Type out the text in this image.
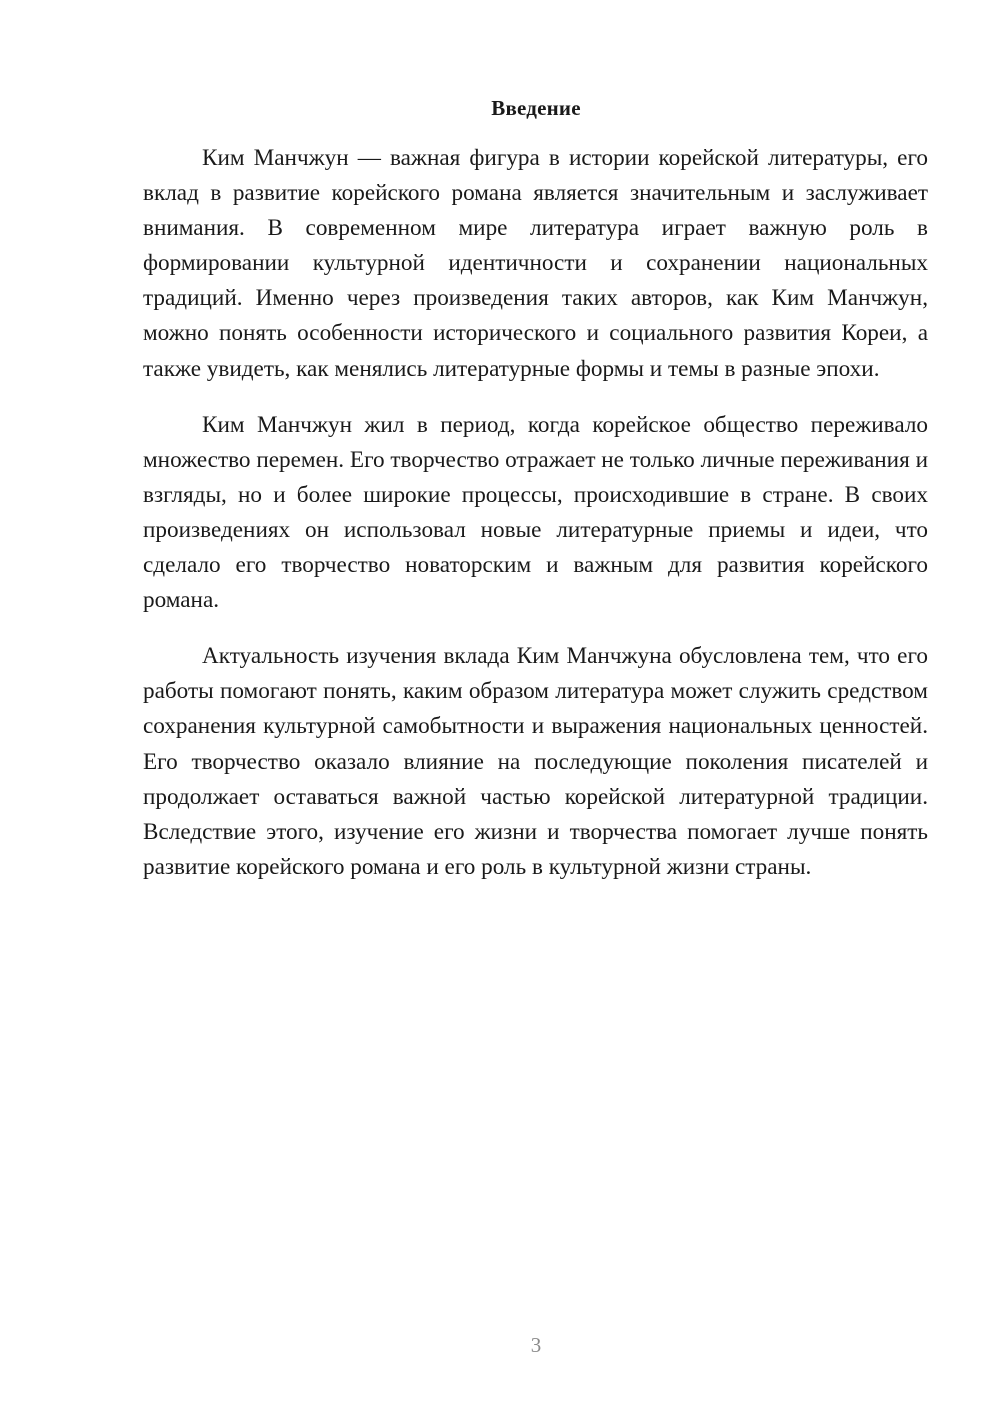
Введение

Ким Манчжун — важная фигура в истории корейской литературы, его вклад в развитие корейского романа является значительным и заслуживает внимания. В современном мире литература играет важную роль в формировании культурной идентичности и сохранении национальных традиций. Именно через произведения таких авторов, как Ким Манчжун, можно понять особенности исторического и социального развития Кореи, а также увидеть, как менялись литературные формы и темы в разные эпохи.

Ким Манчжун жил в период, когда корейское общество переживало множество перемен. Его творчество отражает не только личные переживания и взгляды, но и более широкие процессы, происходившие в стране. В своих произведениях он использовал новые литературные приемы и идеи, что сделало его творчество новаторским и важным для развития корейского романа.

Актуальность изучения вклада Ким Манчжуна обусловлена тем, что его работы помогают понять, каким образом литература может служить средством сохранения культурной самобытности и выражения национальных ценностей. Его творчество оказало влияние на последующие поколения писателей и продолжает оставаться важной частью корейской литературной традиции. Вследствие этого, изучение его жизни и творчества помогает лучше понять развитие корейского романа и его роль в культурной жизни страны.

3
